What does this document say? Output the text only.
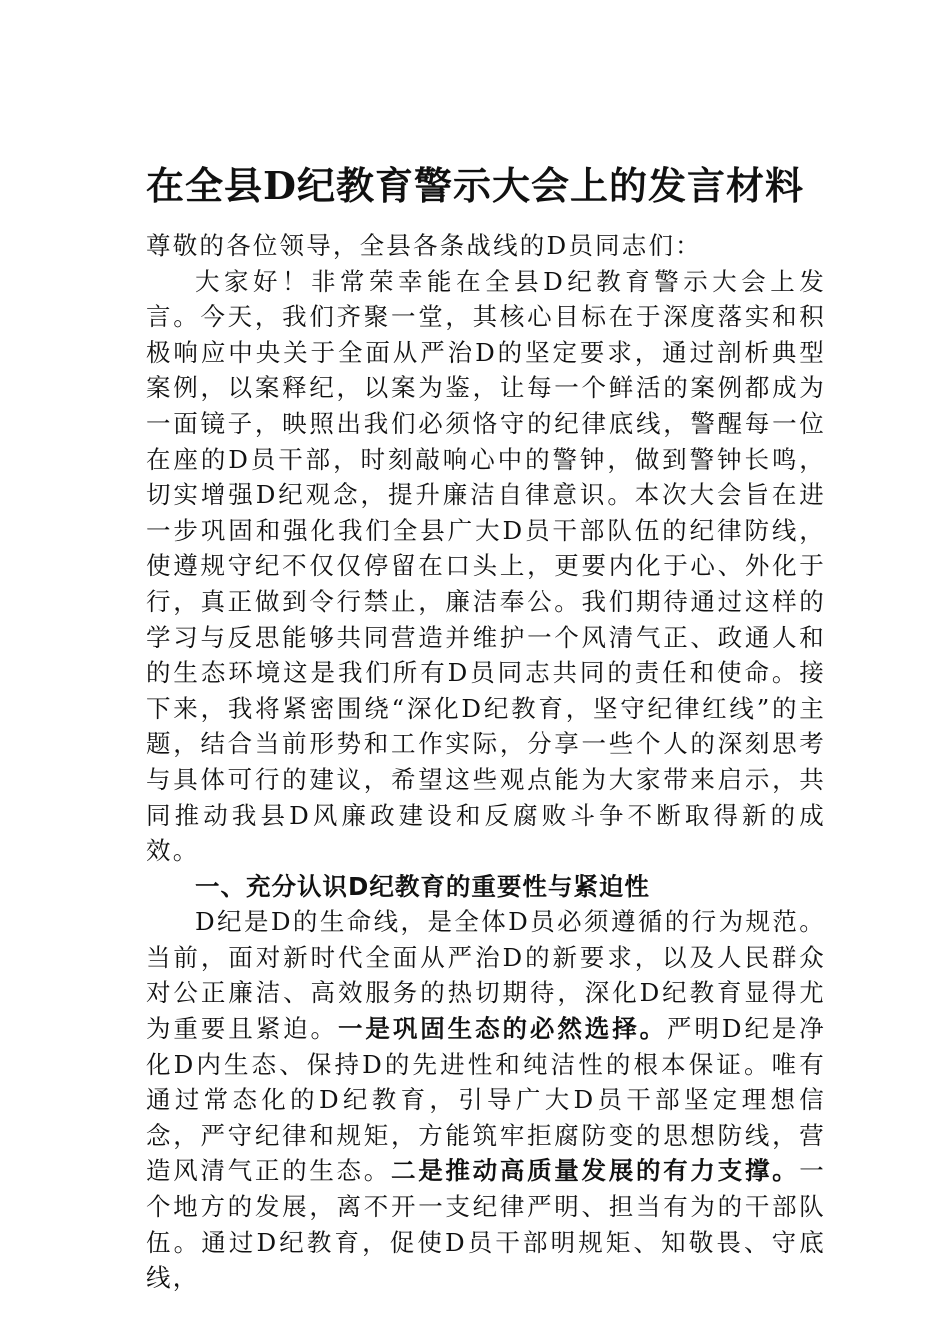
在全县D纪教育警示大会上的发言材料

尊敬的各位领导，全县各条战线的D员同志们：

大家好！非常荣幸能在全县D纪教育警示大会上发言。今天，我们齐聚一堂，其核心目标在于深度落实和积极响应中央关于全面从严治D的坚定要求，通过剖析典型案例，以案释纪，以案为鉴，让每一个鲜活的案例都成为一面镜子，映照出我们必须恪守的纪律底线，警醒每一位在座的D员干部，时刻敲响心中的警钟，做到警钟长鸣，切实增强D纪观念，提升廉洁自律意识。本次大会旨在进一步巩固和强化我们全县广大D员干部队伍的纪律防线，使遵规守纪不仅仅停留在口头上，更要内化于心、外化于行，真正做到令行禁止，廉洁奉公。我们期待通过这样的学习与反思能够共同营造并维护一个风清气正、政通人和的生态环境这是我们所有D员同志共同的责任和使命。接下来，我将紧密围绕“深化D纪教育，坚守纪律红线”的主题，结合当前形势和工作实际，分享一些个人的深刻思考与具体可行的建议，希望这些观点能为大家带来启示，共同推动我县D风廉政建设和反腐败斗争不断取得新的成效。

一、充分认识D纪教育的重要性与紧迫性

D纪是D的生命线，是全体D员必须遵循的行为规范。当前，面对新时代全面从严治D的新要求，以及人民群众对公正廉洁、高效服务的热切期待，深化D纪教育显得尤为重要且紧迫。一是巩固生态的必然选择。严明D纪是净化D内生态、保持D的先进性和纯洁性的根本保证。唯有通过常态化的D纪教育，引导广大D员干部坚定理想信念，严守纪律和规矩，方能筑牢拒腐防变的思想防线，营造风清气正的生态。二是推动高质量发展的有力支撑。一个地方的发展，离不开一支纪律严明、担当有为的干部队伍。通过D纪教育，促使D员干部明规矩、知敬畏、守底线，
